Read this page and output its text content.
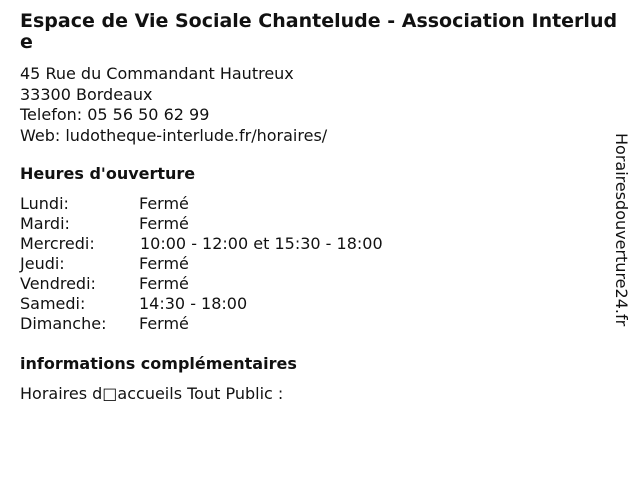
Espace de Vie Sociale Chantelude - Association Interlude
45 Rue du Commandant Hautreux
33300 Bordeaux
Telefon: 05 56 50 62 99
Web: ludotheque-interlude.fr/horaires/
Heures d'ouverture
Lundi:	Fermé
Mardi:	Fermé
Mercredi:	10:00 - 12:00 et 15:30 - 18:00
Jeudi:	Fermé
Vendredi:	Fermé
Samedi:	14:30 - 18:00
Dimanche: Fermé
informations complémentaires
Horaires d□accueils Tout Public :
Horairesdouverture24.fr
